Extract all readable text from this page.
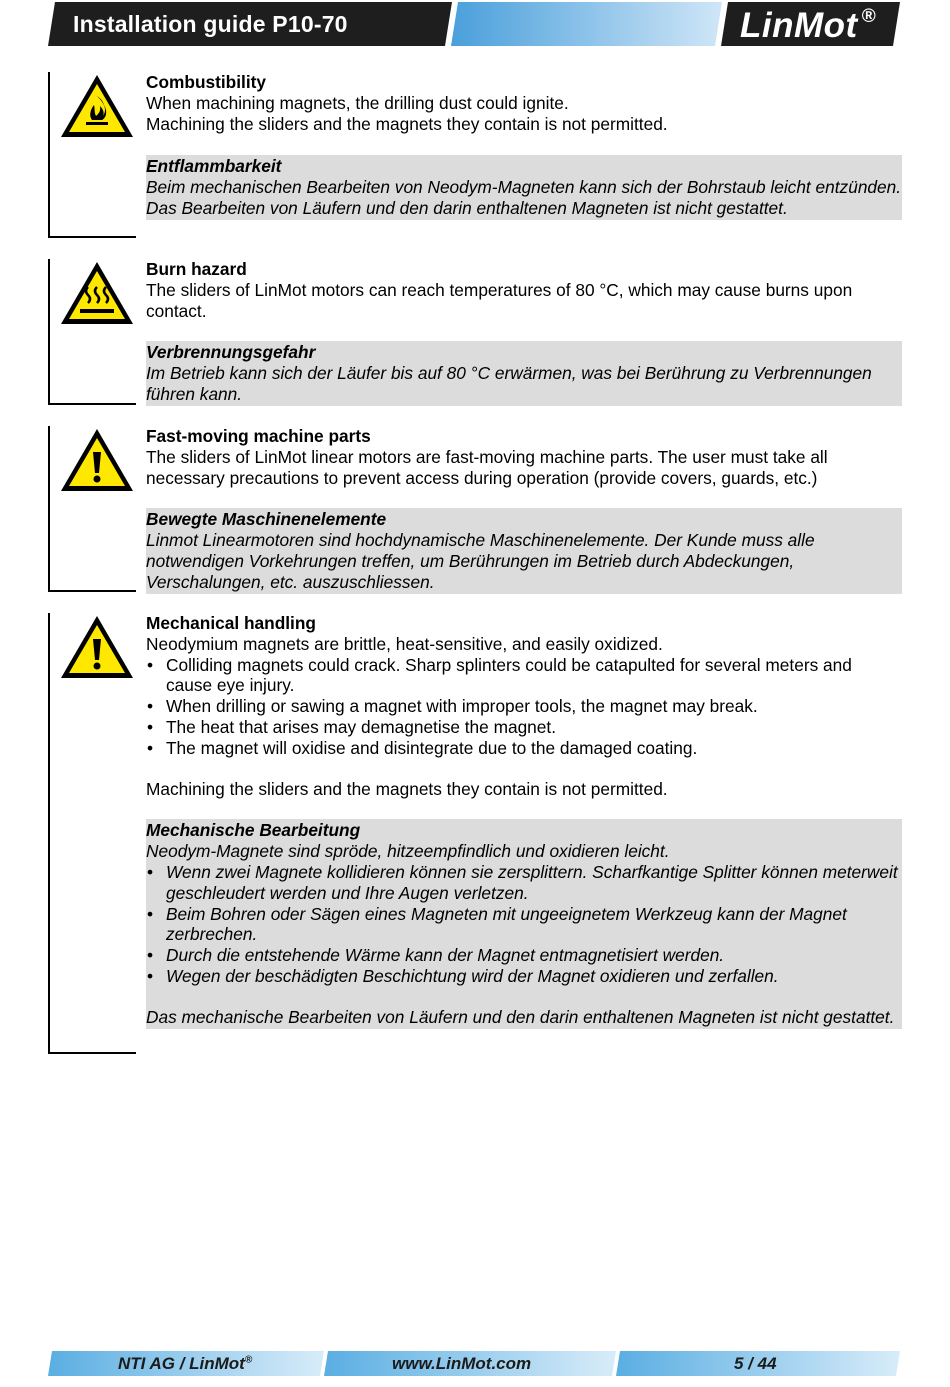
Installation guide P10-70	LinMot ®
Combustibility
When machining magnets, the drilling dust could ignite.
Machining the sliders and the magnets they contain is not permitted.
Entflammbarkeit
Beim mechanischen Bearbeiten von Neodym-Magneten kann sich der Bohrstaub leicht entzünden.
Das Bearbeiten von Läufern und den darin enthaltenen Magneten ist nicht gestattet.
Burn hazard
The sliders of LinMot motors can reach temperatures of 80 °C, which may cause burns upon contact.
Verbrennungsgefahr
Im Betrieb kann sich der Läufer bis auf 80 °C erwärmen, was bei Berührung zu Verbrennungen führen kann.
Fast-moving machine parts
The sliders of LinMot linear motors are fast-moving machine parts. The user must take all necessary precautions to prevent access during operation (provide covers, guards, etc.)
Bewegte Maschinenelemente
Linmot Linearmotoren sind hochdynamische Maschinenelemente. Der Kunde muss alle notwendigen Vorkehrungen treffen, um Berührungen im Betrieb durch Abdeckungen, Verschalungen, etc. auszuschliessen.
Mechanical handling
Neodymium magnets are brittle, heat-sensitive, and easily oxidized.
• Colliding magnets could crack. Sharp splinters could be catapulted for several meters and cause eye injury.
• When drilling or sawing a magnet with improper tools, the magnet may break.
• The heat that arises may demagnetise the magnet.
• The magnet will oxidise and disintegrate due to the damaged coating.
Machining the sliders and the magnets they contain is not permitted.
Mechanische Bearbeitung
Neodym-Magnete sind spröde, hitzeempfindlich und oxidieren leicht.
• Wenn zwei Magnete kollidieren können sie zersplittern. Scharfkantige Splitter können meterweit geschleudert werden und Ihre Augen verletzen.
• Beim Bohren oder Sägen eines Magneten mit ungeeignetem Werkzeug kann der Magnet zerbrechen.
• Durch die entstehende Wärme kann der Magnet entmagnetisiert werden.
• Wegen der beschädigten Beschichtung wird der Magnet oxidieren und zerfallen.
Das mechanische Bearbeiten von Läufern und den darin enthaltenen Magneten ist nicht gestattet.
NTI AG / LinMot®	www.LinMot.com	5 / 44
